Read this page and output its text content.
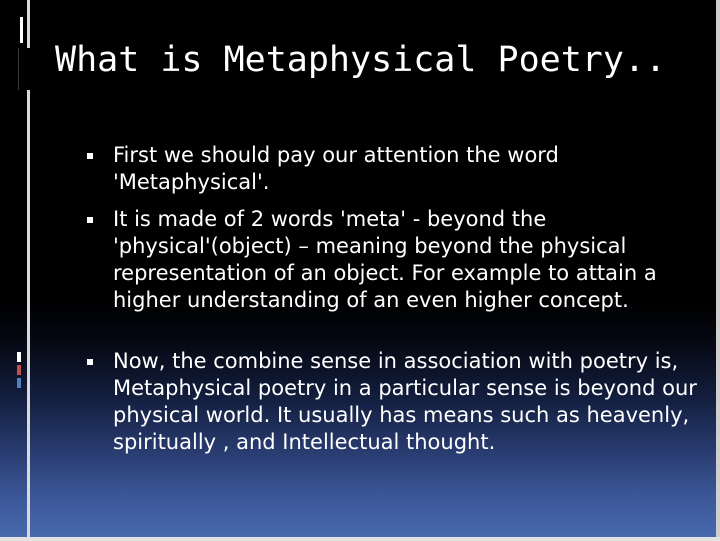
What is Metaphysical Poetry..
First we should pay our attention the word 'Metaphysical'.
It is made of 2 words 'meta' - beyond the 'physical'(object) – meaning beyond the physical representation of an object. For example to attain a higher understanding of an even higher concept.
Now, the combine sense in association with poetry is, Metaphysical poetry in a particular sense is beyond our physical world. It usually has means such as heavenly, spiritually , and Intellectual thought.
